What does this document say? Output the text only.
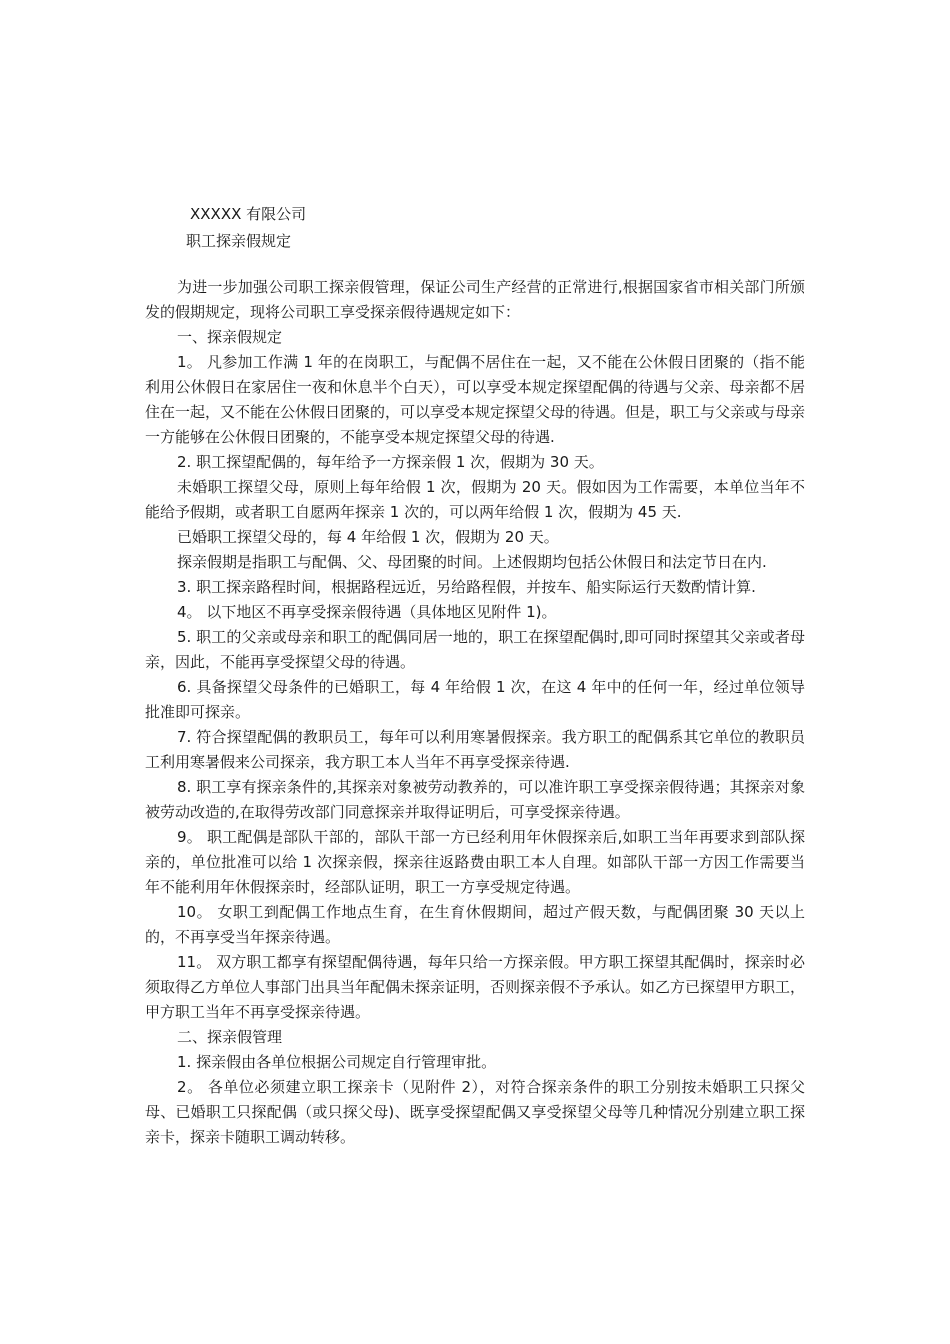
XXXXX 有限公司
职工探亲假规定

为进一步加强公司职工探亲假管理，保证公司生产经营的正常进行,根据国家省市相关部门所颁发的假期规定，现将公司职工享受探亲假待遇规定如下：

一、探亲假规定

1。 凡参加工作满 1 年的在岗职工，与配偶不居住在一起，又不能在公休假日团聚的（指不能利用公休假日在家居住一夜和休息半个白天），可以享受本规定探望配偶的待遇与父亲、母亲都不居住在一起，又不能在公休假日团聚的，可以享受本规定探望父母的待遇。但是，职工与父亲或与母亲一方能够在公休假日团聚的，不能享受本规定探望父母的待遇.

2. 职工探望配偶的，每年给予一方探亲假 1 次，假期为 30 天。

未婚职工探望父母，原则上每年给假 1 次，假期为 20 天。假如因为工作需要，本单位当年不能给予假期，或者职工自愿两年探亲 1 次的，可以两年给假 1 次，假期为 45 天.

已婚职工探望父母的，每 4 年给假 1 次，假期为 20 天。

探亲假期是指职工与配偶、父、母团聚的时间。上述假期均包括公休假日和法定节日在内.

3. 职工探亲路程时间，根据路程远近，另给路程假，并按车、船实际运行天数酌情计算.

4。 以下地区不再享受探亲假待遇（具体地区见附件 1)。

5. 职工的父亲或母亲和职工的配偶同居一地的，职工在探望配偶时,即可同时探望其父亲或者母亲，因此，不能再享受探望父母的待遇。

6. 具备探望父母条件的已婚职工，每 4 年给假 1 次，在这 4 年中的任何一年，经过单位领导批准即可探亲。

7. 符合探望配偶的教职员工，每年可以利用寒暑假探亲。我方职工的配偶系其它单位的教职员工利用寒暑假来公司探亲，我方职工本人当年不再享受探亲待遇.

8. 职工享有探亲条件的,其探亲对象被劳动教养的，可以准许职工享受探亲假待遇；其探亲对象被劳动改造的,在取得劳改部门同意探亲并取得证明后，可享受探亲待遇。

9。 职工配偶是部队干部的，部队干部一方已经利用年休假探亲后,如职工当年再要求到部队探亲的，单位批准可以给 1 次探亲假，探亲往返路费由职工本人自理。如部队干部一方因工作需要当年不能利用年休假探亲时，经部队证明，职工一方享受规定待遇。

10。 女职工到配偶工作地点生育，在生育休假期间，超过产假天数，与配偶团聚 30 天以上的，不再享受当年探亲待遇。

11。 双方职工都享有探望配偶待遇，每年只给一方探亲假。甲方职工探望其配偶时，探亲时必须取得乙方单位人事部门出具当年配偶未探亲证明，否则探亲假不予承认。如乙方已探望甲方职工，甲方职工当年不再享受探亲待遇。

二、探亲假管理

1. 探亲假由各单位根据公司规定自行管理审批。

2。 各单位必须建立职工探亲卡（见附件 2），对符合探亲条件的职工分别按未婚职工只探父母、已婚职工只探配偶（或只探父母)、既享受探望配偶又享受探望父母等几种情况分别建立职工探亲卡，探亲卡随职工调动转移。
